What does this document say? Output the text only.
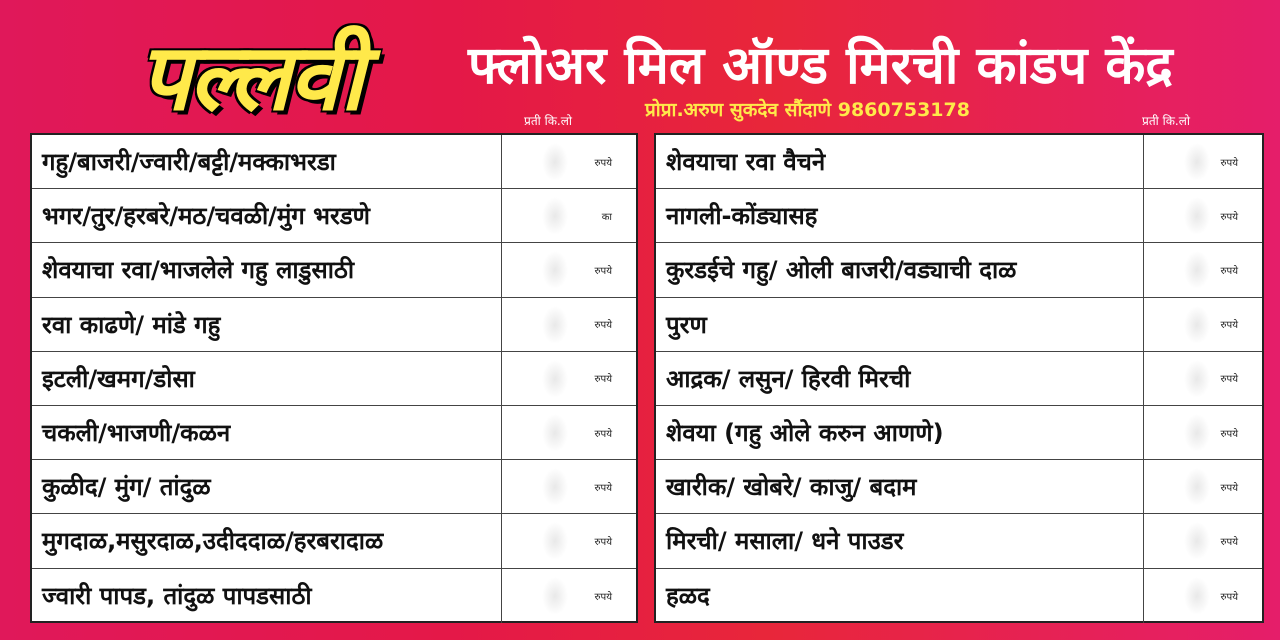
पल्लवी	फ्लोअर मिल ऑण्ड मिरची कांडप केंद्र
प्रोप्रा.अरुण सुकदेव सौंदाणे 9860753178
प्रती कि.लो	प्रती कि.लो
गहु/बाजरी/ज्वारी/बट्टी/मक्काभरडा	रुपये
भगर/तुर/हरबरे/मठ/चवळी/मुंग भरडणे	का
शेवयाचा रवा/भाजलेले गहु लाडुसाठी	रुपये
रवा काढणे/ मांडे गहु	रुपये
इटली/खमग/डोसा	रुपये
चकली/भाजणी/कळन	रुपये
कुळीद/ मुंग/ तांदुळ	रुपये
मुगदाळ,मसुरदाळ,उदीददाळ/हरबरादाळ	रुपये
ज्वारी पापड, तांदुळ पापडसाठी	रुपये
शेवयाचा रवा वैचने	रुपये
नागली-कोंड्यासह	रुपये
कुरडईचे गहु/ ओली बाजरी/वड्याची दाळ	रुपये
पुरण	रुपये
आद्रक/ लसुन/ हिरवी मिरची	रुपये
शेवया (गहु ओले करुन आणणे)	रुपये
खारीक/ खोबरे/ काजु/ बदाम	रुपये
मिरची/ मसाला/ धने पाउडर	रुपये
हळद	रुपये
